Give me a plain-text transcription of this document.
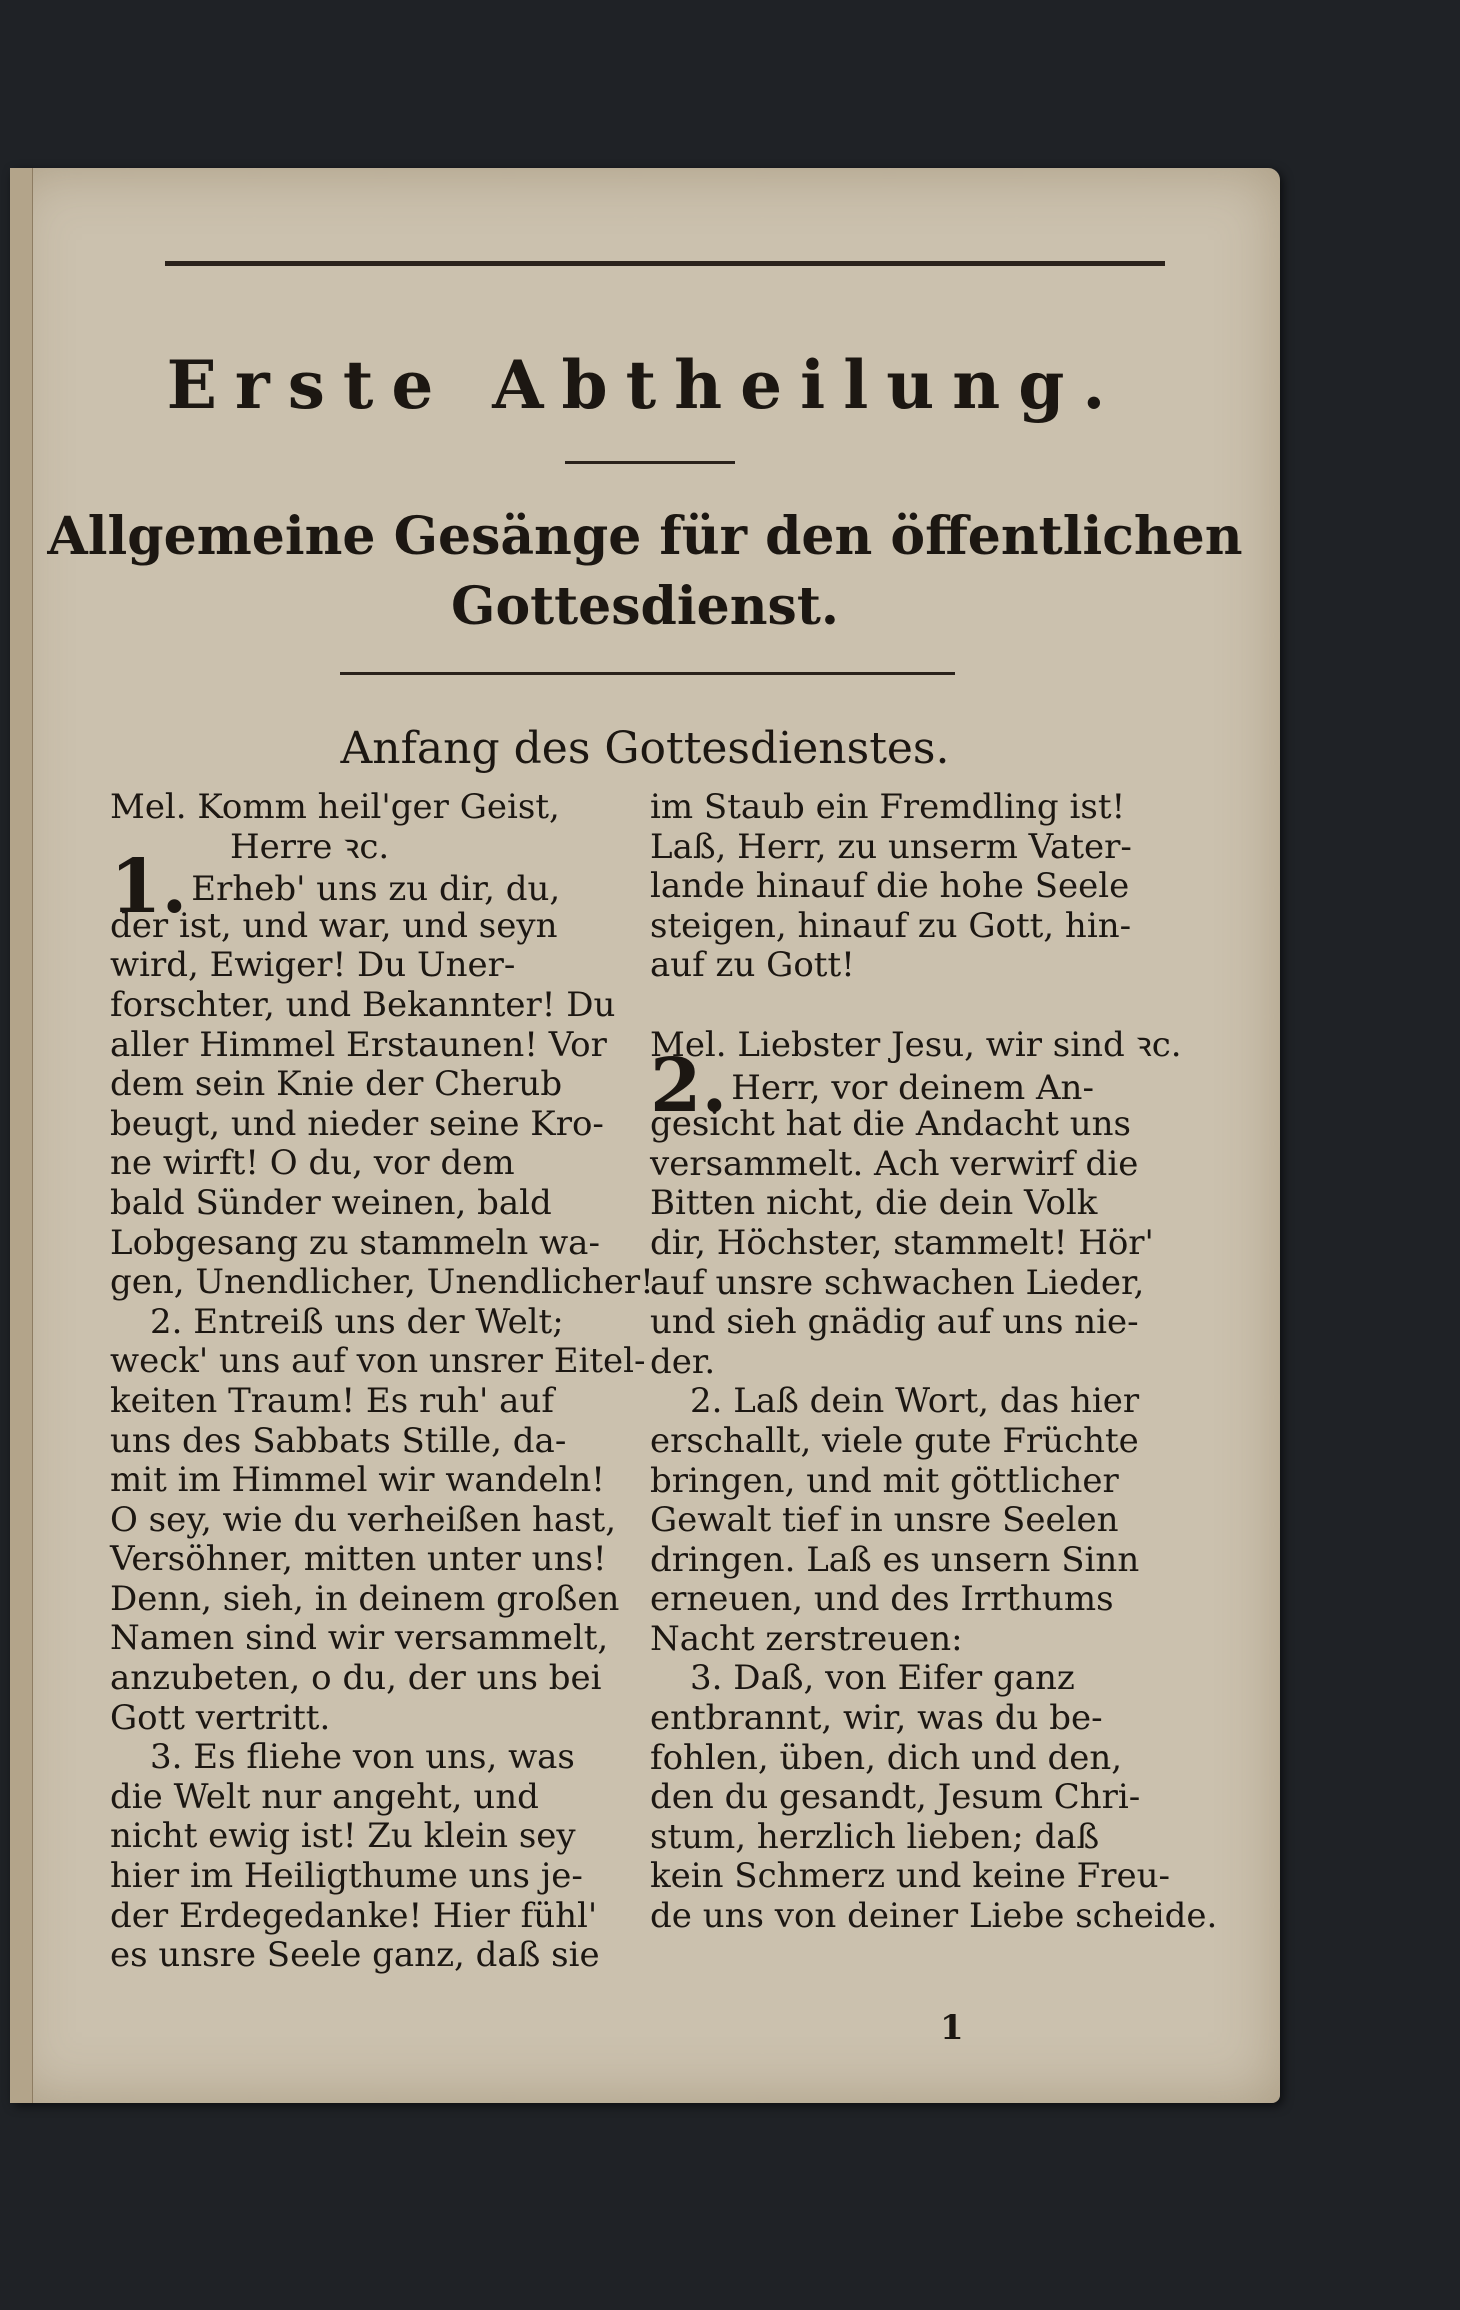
Erste Abtheilung.
Allgemeine Gesänge für den öffentlichen
Gottesdienst.
Anfang des Gottesdienstes.
Mel. Komm heil'ger Geist,
Herre ꝛc.
1. Erheb' uns zu dir, du,
der ist, und war, und seyn
wird, Ewiger! Du Uner-
forschter, und Bekannter! Du
aller Himmel Erstaunen! Vor
dem sein Knie der Cherub
beugt, und nieder seine Kro-
ne wirft! O du, vor dem
bald Sünder weinen, bald
Lobgesang zu stammeln wa-
gen, Unendlicher, Unendlicher!
2. Entreiß uns der Welt;
weck' uns auf von unsrer Eitel-
keiten Traum! Es ruh' auf
uns des Sabbats Stille, da-
mit im Himmel wir wandeln!
O sey, wie du verheißen hast,
Versöhner, mitten unter uns!
Denn, sieh, in deinem großen
Namen sind wir versammelt,
anzubeten, o du, der uns bei
Gott vertritt.
3. Es fliehe von uns, was
die Welt nur angeht, und
nicht ewig ist! Zu klein sey
hier im Heiligthume uns je-
der Erdegedanke! Hier fühl'
es unsre Seele ganz, daß sie
im Staub ein Fremdling ist!
Laß, Herr, zu unserm Vater-
lande hinauf die hohe Seele
steigen, hinauf zu Gott, hin-
auf zu Gott!
Mel. Liebster Jesu, wir sind ꝛc.
2. Herr, vor deinem An-
gesicht hat die Andacht uns
versammelt. Ach verwirf die
Bitten nicht, die dein Volk
dir, Höchster, stammelt! Hör'
auf unsre schwachen Lieder,
und sieh gnädig auf uns nie-
der.
2. Laß dein Wort, das hier
erschallt, viele gute Früchte
bringen, und mit göttlicher
Gewalt tief in unsre Seelen
dringen. Laß es unsern Sinn
erneuen, und des Irrthums
Nacht zerstreuen:
3. Daß, von Eifer ganz
entbrannt, wir, was du be-
fohlen, üben, dich und den,
den du gesandt, Jesum Chri-
stum, herzlich lieben; daß
kein Schmerz und keine Freu-
de uns von deiner Liebe scheide.
1
